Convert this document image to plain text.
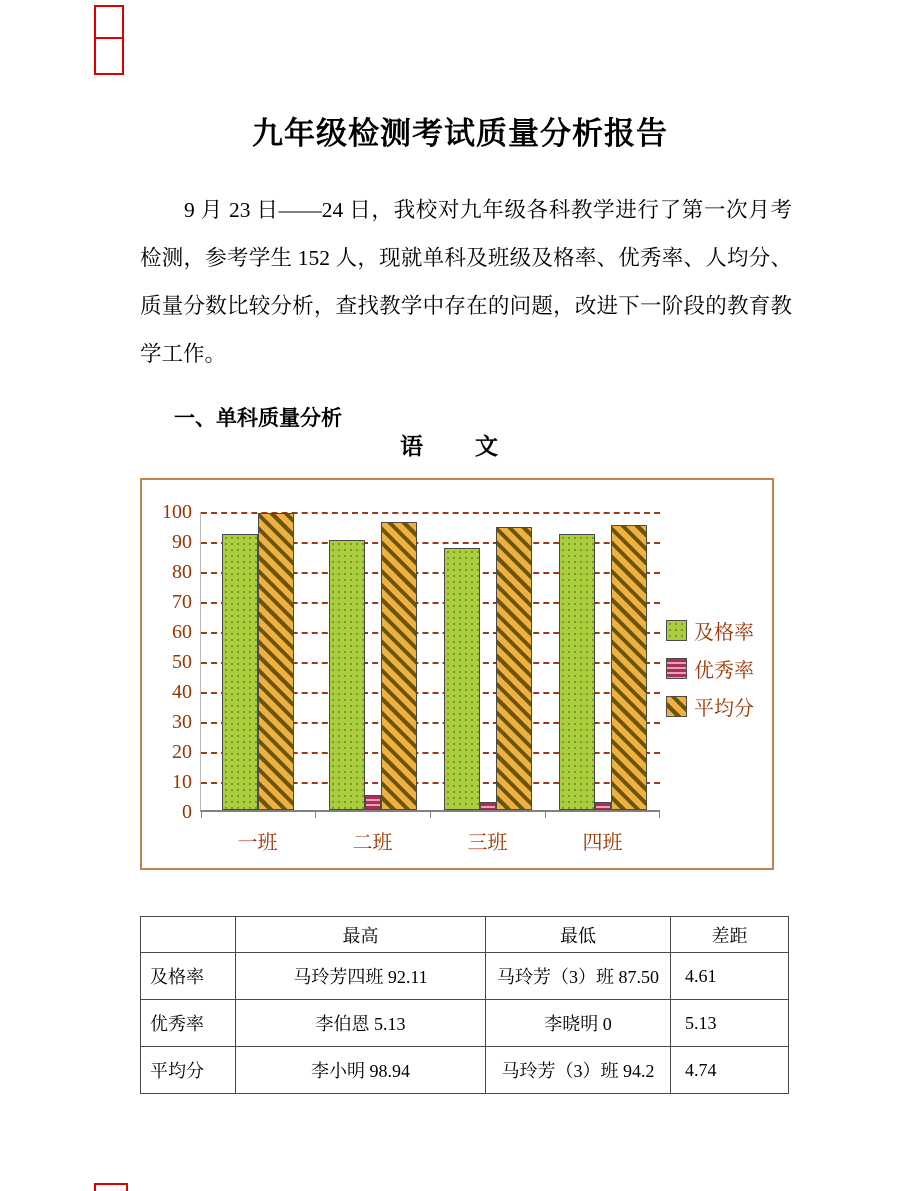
九年级检测考试质量分析报告

9 月 23 日——24 日，我校对九年级各科教学进行了第一次月考检测，参考学生 152 人，现就单科及班级及格率、优秀率、人均分、质量分数比较分析，查找教学中存在的问题，改进下一阶段的教育教学工作。

一、单科质量分析
语　　文
100
90
80
70
60
50
40
30
20
10
0
一班	二班	三班	四班
及格率
优秀率
平均分
	最高	最低	差距
及格率	马玲芳四班 92.11	马玲芳（3）班 87.50	4.61
优秀率	李伯恩 5.13	李晓明 0	5.13
平均分	李小明 98.94	马玲芳（3）班 94.2	4.74
